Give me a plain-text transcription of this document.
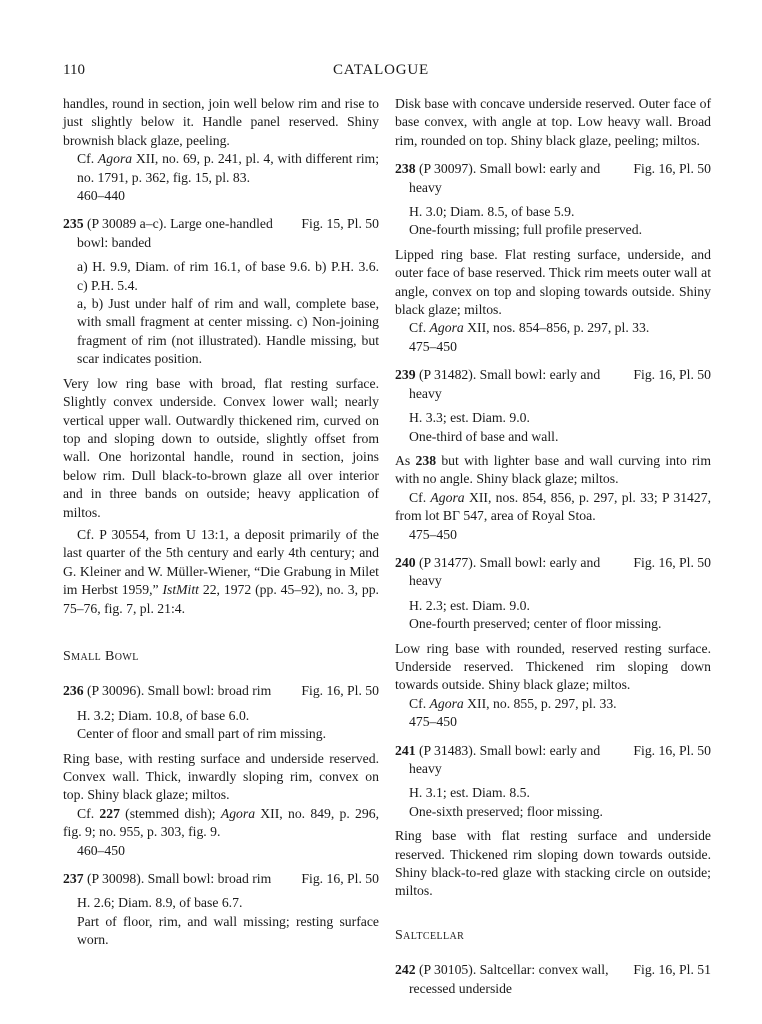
110	CATALOGUE

handles, round in section, join well below rim and rise to just slightly below it. Handle panel reserved. Shiny brownish black glaze, peeling.

Cf. Agora XII, no. 69, p. 241, pl. 4, with different rim; no. 1791, p. 362, fig. 15, pl. 83.

460–440

235 (P 30089 a–c). Large one-handled bowl: banded
Fig. 15, Pl. 50

a) H. 9.9, Diam. of rim 16.1, of base 9.6. b) P.H. 3.6. c) P.H. 5.4.

a, b) Just under half of rim and wall, complete base, with small fragment at center missing. c) Non-joining fragment of rim (not illustrated). Handle missing, but scar indicates position.

Very low ring base with broad, flat resting surface. Slightly convex underside. Convex lower wall; nearly vertical upper wall. Outwardly thickened rim, curved on top and sloping down to outside, slightly offset from wall. One horizontal handle, round in section, joins below rim. Dull black-to-brown glaze all over interior and in three bands on outside; heavy application of miltos.

Cf. P 30554, from U 13:1, a deposit primarily of the last quarter of the 5th century and early 4th century; and G. Kleiner and W. Müller-Wiener, “Die Grabung in Milet im Herbst 1959,” IstMitt 22, 1972 (pp. 45–92), no. 3, pp. 75–76, fig. 7, pl. 21:4.

Small Bowl
236 (P 30096). Small bowl: broad rim	Fig. 16, Pl. 50

H. 3.2; Diam. 10.8, of base 6.0.

Center of floor and small part of rim missing.

Ring base, with resting surface and underside reserved. Convex wall. Thick, inwardly sloping rim, convex on top. Shiny black glaze; miltos.

Cf. 227 (stemmed dish); Agora XII, no. 849, p. 296, fig. 9; no. 955, p. 303, fig. 9.

460–450

237 (P 30098). Small bowl: broad rim	Fig. 16, Pl. 50

H. 2.6; Diam. 8.9, of base 6.7.

Part of floor, rim, and wall missing; resting surface worn.

Disk base with concave underside reserved. Outer face of base convex, with angle at top. Low heavy wall. Broad rim, rounded on top. Shiny black glaze, peeling; miltos.

238 (P 30097). Small bowl: early and heavy
Fig. 16, Pl. 50

H. 3.0; Diam. 8.5, of base 5.9.

One-fourth missing; full profile preserved.

Lipped ring base. Flat resting surface, underside, and outer face of base reserved. Thick rim meets outer wall at angle, convex on top and sloping towards outside. Shiny black glaze; miltos.

Cf. Agora XII, nos. 854–856, p. 297, pl. 33.

475–450

239 (P 31482). Small bowl: early and heavy
Fig. 16, Pl. 50

H. 3.3; est. Diam. 9.0.

One-third of base and wall.

As 238 but with lighter base and wall curving into rim with no angle. Shiny black glaze; miltos.

Cf. Agora XII, nos. 854, 856, p. 297, pl. 33; P 31427, from lot ΒΓ 547, area of Royal Stoa.

475–450

240 (P 31477). Small bowl: early and heavy
Fig. 16, Pl. 50

H. 2.3; est. Diam. 9.0.

One-fourth preserved; center of floor missing.

Low ring base with rounded, reserved resting surface. Underside reserved. Thickened rim sloping down towards outside. Shiny black glaze; miltos.

Cf. Agora XII, no. 855, p. 297, pl. 33.

475–450

241 (P 31483). Small bowl: early and heavy
Fig. 16, Pl. 50

H. 3.1; est. Diam. 8.5.

One-sixth preserved; floor missing.

Ring base with flat resting surface and underside reserved. Thickened rim sloping down towards outside. Shiny black-to-red glaze with stacking circle on outside; miltos.

Saltcellar
242 (P 30105). Saltcellar: convex wall, recessed underside
Fig. 16, Pl. 51
